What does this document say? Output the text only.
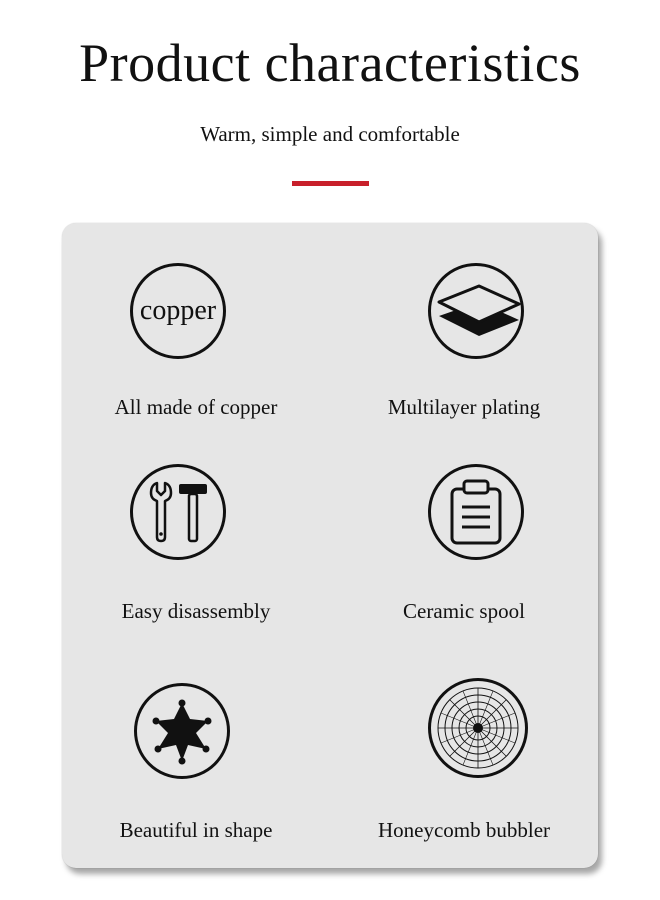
Product characteristics
Warm, simple and comfortable
copper
All made of copper	Multilayer plating
Easy disassembly	Ceramic spool
Beautiful in shape	Honeycomb bubbler
